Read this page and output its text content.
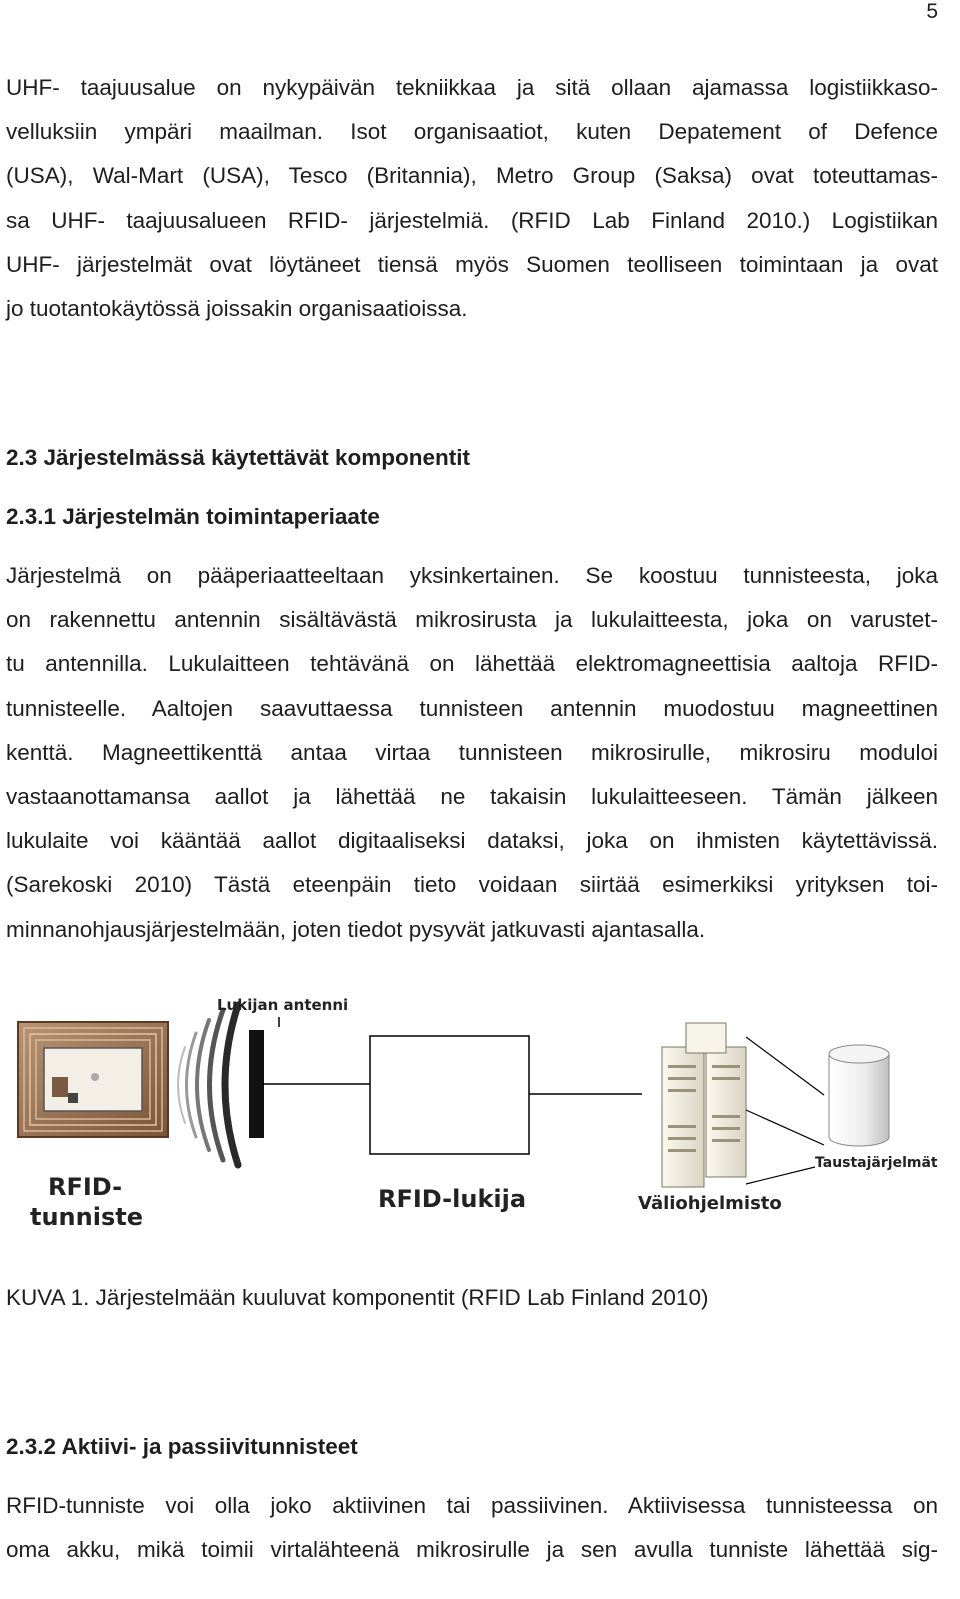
5
UHF- taajuusalue on nykypäivän tekniikkaa ja sitä ollaan ajamassa logistiikkaso-
velluksiin ympäri maailman. Isot organisaatiot, kuten Depatement of Defence
(USA), Wal-Mart (USA), Tesco (Britannia), Metro Group (Saksa) ovat toteuttamas-
sa UHF- taajuusalueen RFID- järjestelmiä. (RFID Lab Finland 2010.) Logistiikan
UHF- järjestelmät ovat löytäneet tiensä myös Suomen teolliseen toimintaan ja ovat
jo tuotantokäytössä joissakin organisaatioissa.
2.3 Järjestelmässä käytettävät komponentit
2.3.1 Järjestelmän toimintaperiaate
Järjestelmä on pääperiaatteeltaan yksinkertainen. Se koostuu tunnisteesta, joka
on rakennettu antennin sisältävästä mikrosirusta ja lukulaitteesta, joka on varustet-
tu antennilla. Lukulaitteen tehtävänä on lähettää elektromagneettisia aaltoja RFID-
tunnisteelle. Aaltojen saavuttaessa tunnisteen antennin muodostuu magneettinen
kenttä. Magneettikenttä antaa virtaa tunnisteen mikrosirulle, mikrosiru moduloi
vastaanottamansa aallot ja lähettää ne takaisin lukulaitteeseen. Tämän jälkeen
lukulaite voi kääntää aallot digitaaliseksi dataksi, joka on ihmisten käytettävissä.
(Sarekoski 2010) Tästä eteenpäin tieto voidaan siirtää esimerkiksi yrityksen toi-
minnanohjausjärjestelmään, joten tiedot pysyvät jatkuvasti ajantasalla.
Lukijan antenni
RFID-
tunniste
RFID-lukija	Väliohjelmisto
Taustajärjelmät

KUVA 1. Järjestelmään kuuluvat komponentit (RFID Lab Finland 2010)

2.3.2 Aktiivi- ja passiivitunnisteet
RFID-tunniste voi olla joko aktiivinen tai passiivinen. Aktiivisessa tunnisteessa on
oma akku, mikä toimii virtalähteenä mikrosirulle ja sen avulla tunniste lähettää sig-
